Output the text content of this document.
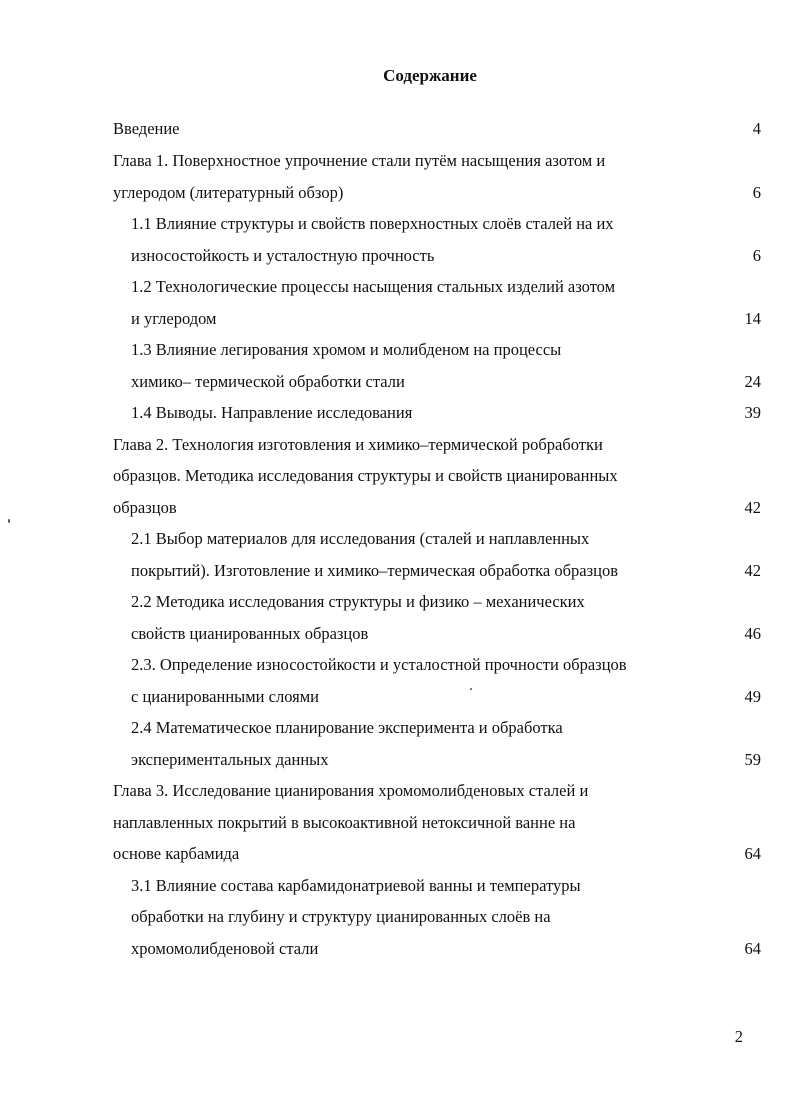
Содержание
Введение	4
Глава 1. Поверхностное упрочнение стали путём насыщения азотом и
углеродом (литературный обзор)	6
1.1 Влияние структуры и свойств поверхностных слоёв сталей на их
износостойкость и усталостную прочность	6
1.2 Технологические процессы насыщения стальных изделий азотом
и углеродом	14
1.3 Влияние легирования хромом и молибденом на процессы
химико– термической обработки стали	24
1.4 Выводы. Направление исследования	39
Глава 2. Технология изготовления и химико–термической робработки
образцов. Методика исследования структуры и свойств цианированных
образцов	42
2.1 Выбор материалов для исследования (сталей и наплавленных
покрытий). Изготовление и химико–термическая обработка образцов	42
2.2 Методика исследования структуры и физико – механических
свойств цианированных образцов	46
2.3. Определение износостойкости и усталостной прочности образцов
с цианированными слоями	49
2.4 Математическое планирование эксперимента и обработка
экспериментальных данных	59
Глава 3. Исследование цианирования хромомолибденовых сталей и
наплавленных покрытий в высокоактивной нетоксичной ванне на
основе карбамида	64
3.1 Влияние состава карбамидонатриевой ванны и температуры
обработки на глубину и структуру цианированных слоёв на
хромомолибденовой стали	64
2
